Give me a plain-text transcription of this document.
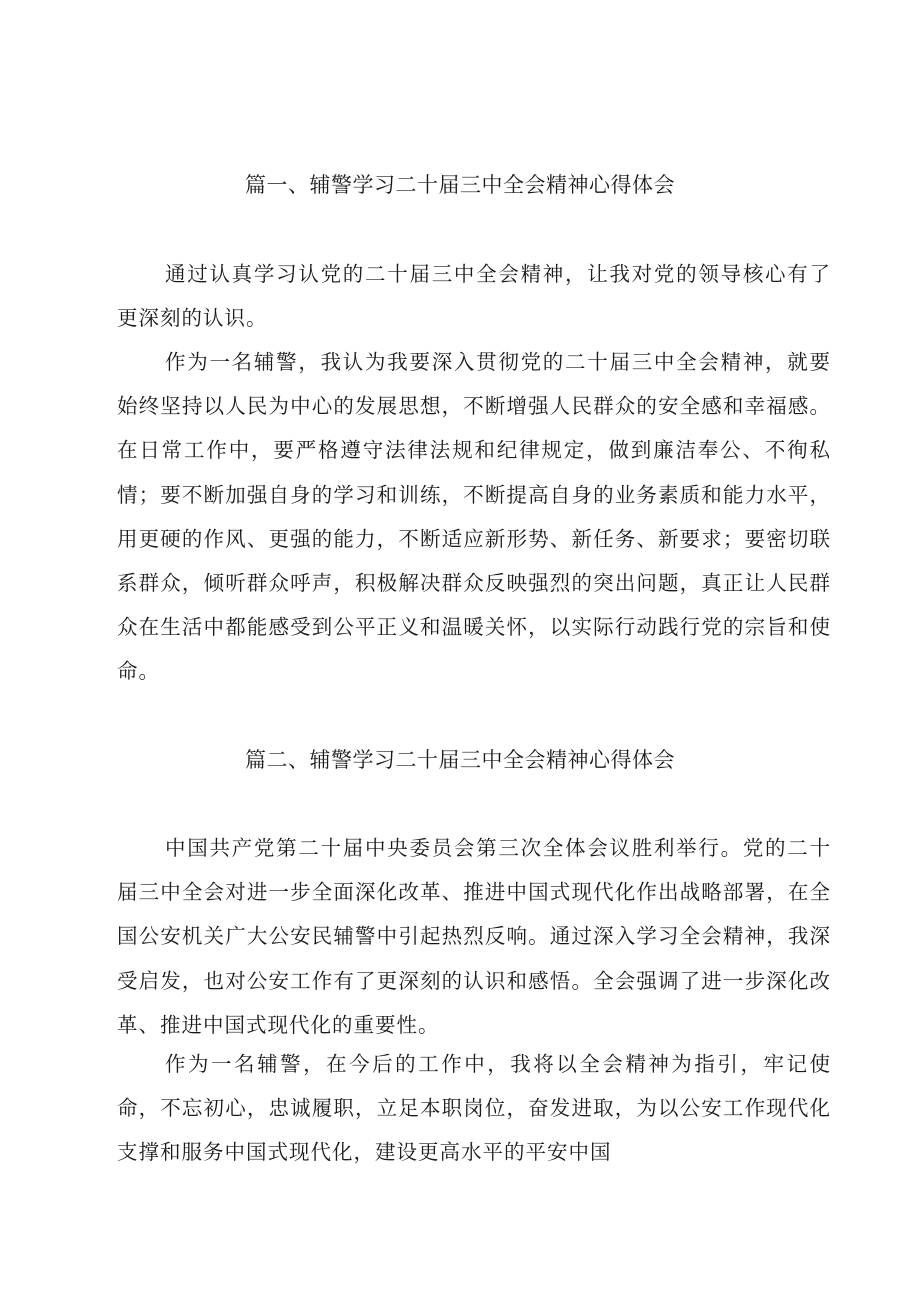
篇一、辅警学习二十届三中全会精神心得体会

通过认真学习认党的二十届三中全会精神，让我对党的领导核心有了更深刻的认识。

作为一名辅警，我认为我要深入贯彻党的二十届三中全会精神，就要始终坚持以人民为中心的发展思想，不断增强人民群众的安全感和幸福感。在日常工作中，要严格遵守法律法规和纪律规定，做到廉洁奉公、不徇私情；要不断加强自身的学习和训练，不断提高自身的业务素质和能力水平，用更硬的作风、更强的能力，不断适应新形势、新任务、新要求；要密切联系群众，倾听群众呼声，积极解决群众反映强烈的突出问题，真正让人民群众在生活中都能感受到公平正义和温暖关怀，以实际行动践行党的宗旨和使命。

篇二、辅警学习二十届三中全会精神心得体会

中国共产党第二十届中央委员会第三次全体会议胜利举行。党的二十届三中全会对进一步全面深化改革、推进中国式现代化作出战略部署，在全国公安机关广大公安民辅警中引起热烈反响。通过深入学习全会精神，我深受启发，也对公安工作有了更深刻的认识和感悟。全会强调了进一步深化改革、推进中国式现代化的重要性。

作为一名辅警，在今后的工作中，我将以全会精神为指引，牢记使命，不忘初心，忠诚履职，立足本职岗位，奋发进取，为以公安工作现代化支撑和服务中国式现代化，建设更高水平的平安中国
